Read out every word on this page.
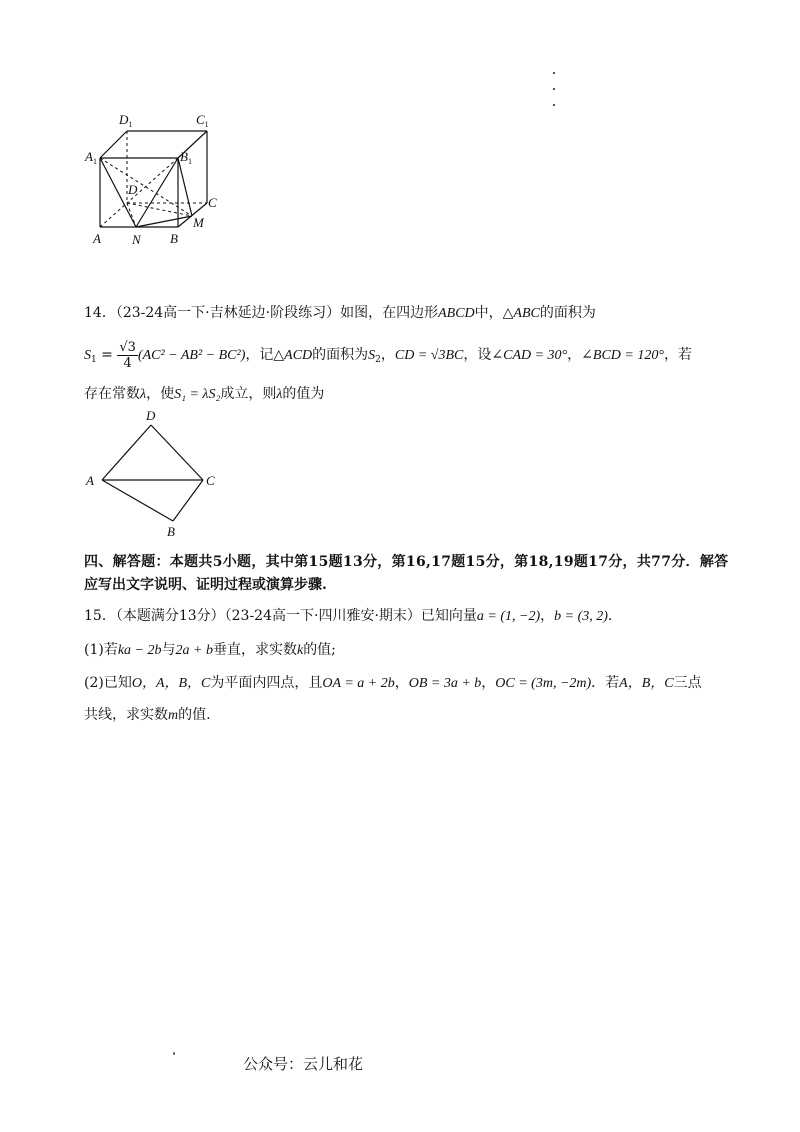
$D_1$	$C_1$
$A_1$	$B_1$
D
C
M
A N B
14．（23-24高一下·吉林延边·阶段练习）如图，在四边形ABCD中，△ABC的面积为
$S_1 = \frac{√3}{4} (AC^2 - AB^2 - BC^2)$，记△ACD的面积为$S_2$，CD = √3BC，设∠CAD = 30°，∠BCD = 120°，若
存在常数λ，使S₁ = λS₂成立，则λ的值为
D
A	C
B
四、解答题：本题共5小题，其中第15题13分，第16,17题15分，第18,19题17分，共77分．解答
应写出文字说明、证明过程或演算步骤.
15．（本题满分13分）（23-24高一下·四川雅安·期末）已知向量a = (1, −2)，b = (3, 2).
(1)若ka − 2b与2a + b垂直，求实数k的值;
(2)已知O，A，B，C为平面内四点，且OA = a + 2b，OB = 3a + b，OC = (3m, −2m)．若A，B，C三点
共线，求实数m的值.
公众号：云儿和花
